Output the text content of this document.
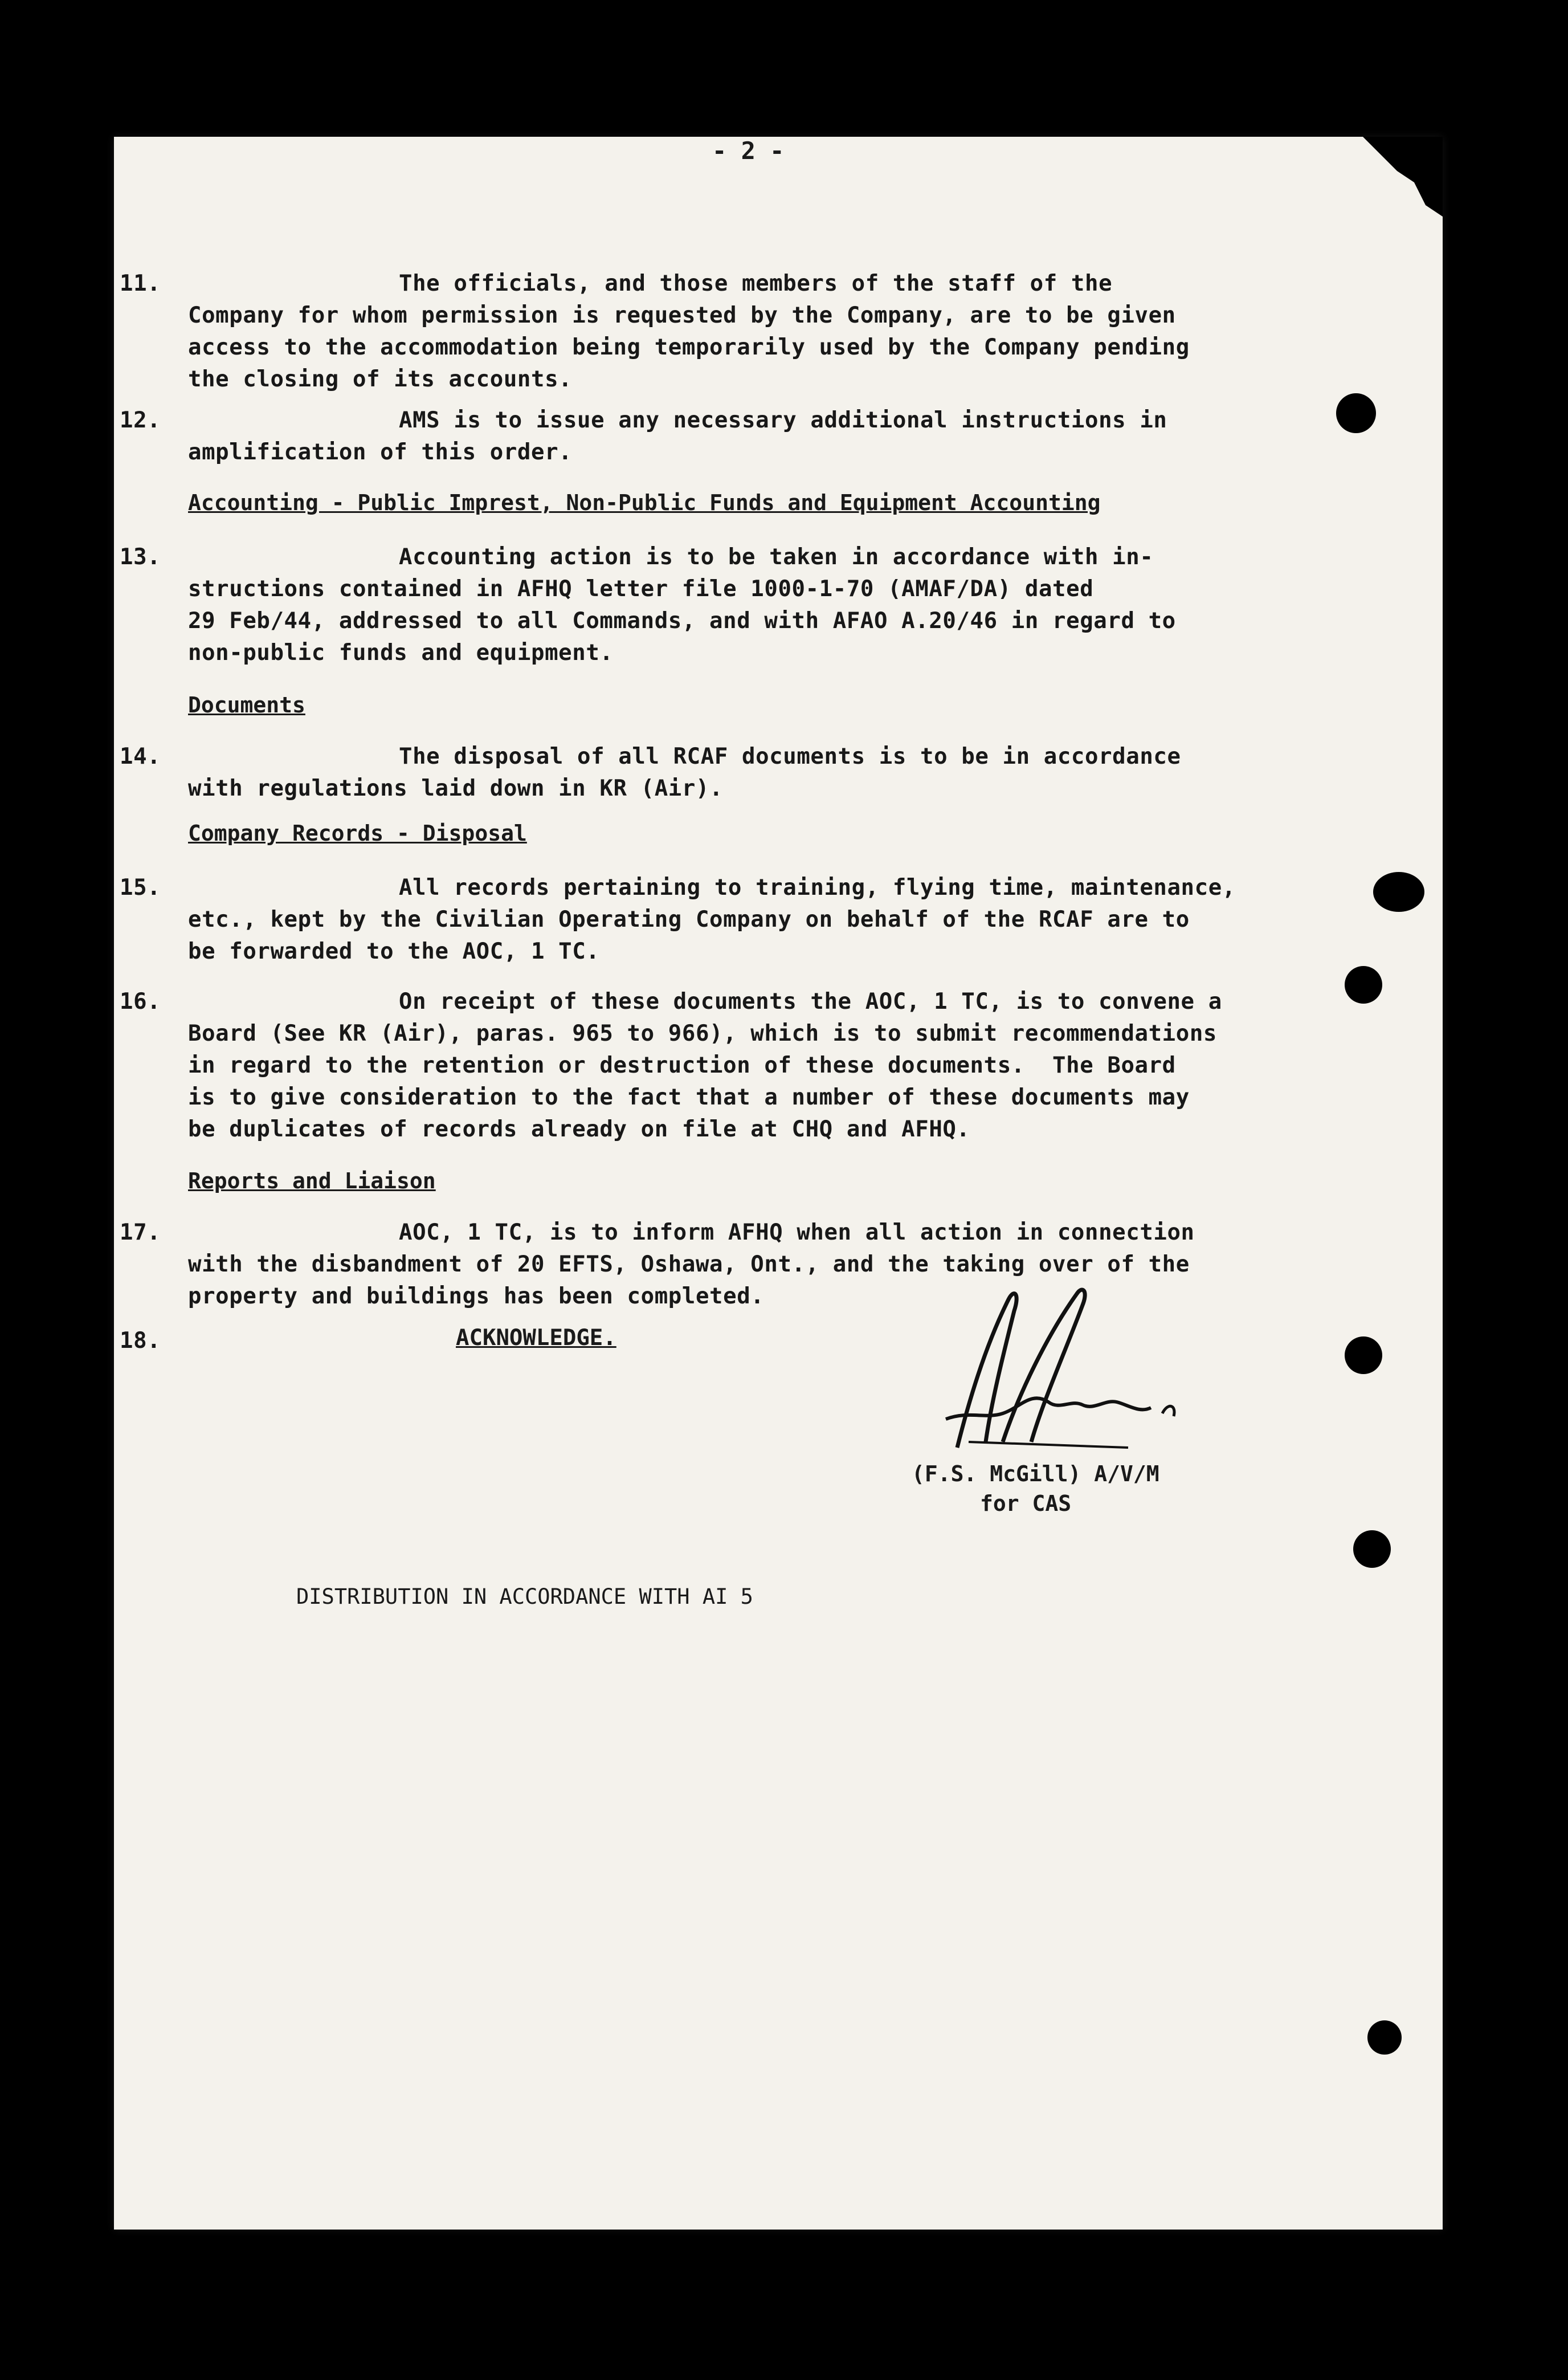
- 2 -
11.	The officials, and those members of the staff of the
Company for whom permission is requested by the Company, are to be given
access to the accommodation being temporarily used by the Company pending
the closing of its accounts.
12.	AMS is to issue any necessary additional instructions in
amplification of this order.
Accounting - Public Imprest, Non-Public Funds and Equipment Accounting
13.	Accounting action is to be taken in accordance with in-
structions contained in AFHQ letter file 1000-1-70 (AMAF/DA) dated
29 Feb/44, addressed to all Commands, and with AFAO A.20/46 in regard to
non-public funds and equipment.
Documents
14.	The disposal of all RCAF documents is to be in accordance
with regulations laid down in KR (Air).
Company Records - Disposal
15.	All records pertaining to training, flying time, maintenance,
etc., kept by the Civilian Operating Company on behalf of the RCAF are to
be forwarded to the AOC, 1 TC.
16.	On receipt of these documents the AOC, 1 TC, is to convene a
Board (See KR (Air), paras. 965 to 966), which is to submit recommendations
in regard to the retention or destruction of these documents.  The Board
is to give consideration to the fact that a number of these documents may
be duplicates of records already on file at CHQ and AFHQ.
Reports and Liaison
17.	AOC, 1 TC, is to inform AFHQ when all action in connection
with the disbandment of 20 EFTS, Oshawa, Ont., and the taking over of the
property and buildings has been completed.
18.	ACKNOWLEDGE.
(F.S. McGill) A/V/M
for CAS
DISTRIBUTION IN ACCORDANCE WITH AI 5
